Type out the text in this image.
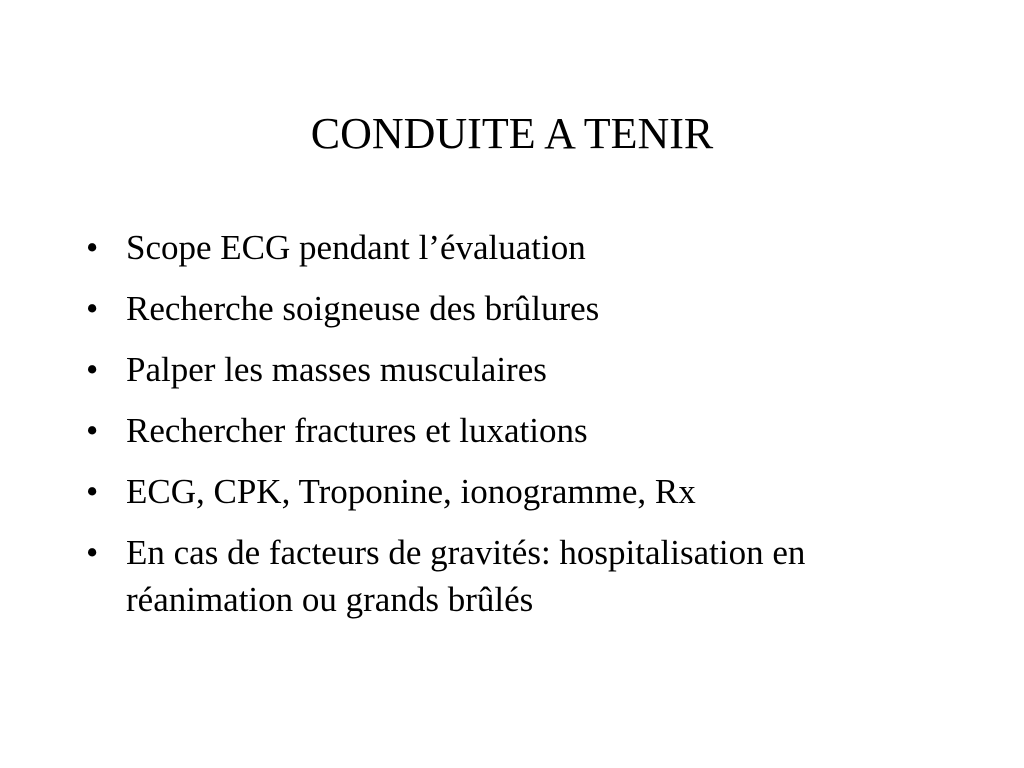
CONDUITE A TENIR
• Scope ECG pendant l’évaluation
• Recherche soigneuse des brûlures
• Palper les masses musculaires
• Rechercher fractures et luxations
• ECG, CPK, Troponine, ionogramme, Rx
• En cas de facteurs de gravités: hospitalisation en réanimation ou grands brûlés
